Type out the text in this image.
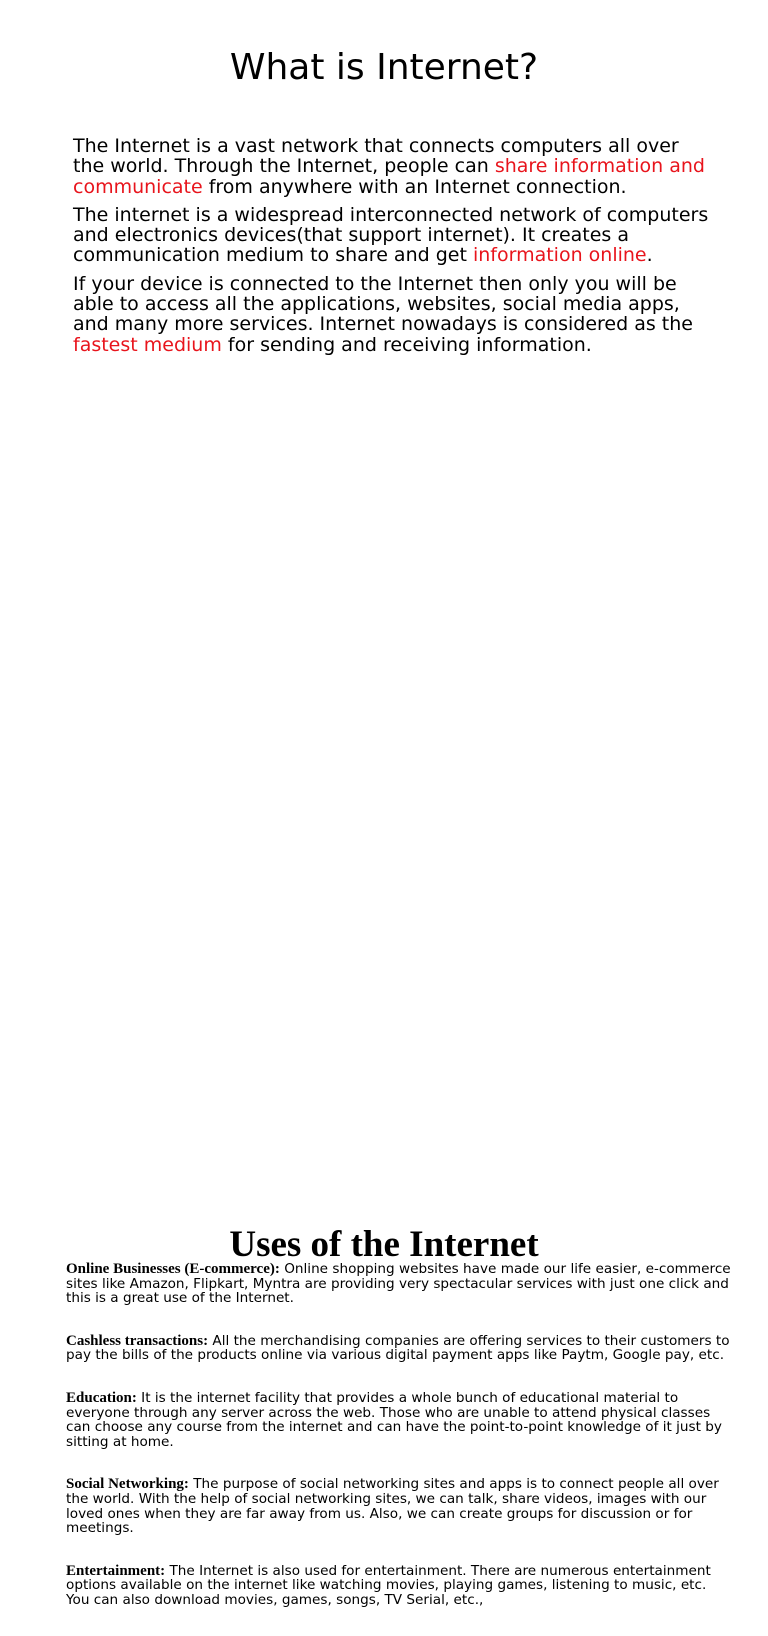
What is Internet?

The Internet is a vast network that connects computers all over the world. Through the Internet, people can share information and communicate from anywhere with an Internet connection.

The internet is a widespread interconnected network of computers and electronics devices(that support internet). It creates a communication medium to share and get information online.

If your device is connected to the Internet then only you will be able to access all the applications, websites, social media apps, and many more services. Internet nowadays is considered as the fastest medium for sending and receiving information.

Uses of the Internet

Online Businesses (E-commerce): Online shopping websites have made our life easier, e-commerce sites like Amazon, Flipkart, Myntra are providing very spectacular services with just one click and this is a great use of the Internet.

Cashless transactions: All the merchandising companies are offering services to their customers to pay the bills of the products online via various digital payment apps like Paytm, Google pay, etc.

Education: It is the internet facility that provides a whole bunch of educational material to everyone through any server across the web. Those who are unable to attend physical classes can choose any course from the internet and can have the point-to-point knowledge of it just by sitting at home.

Social Networking: The purpose of social networking sites and apps is to connect people all over the world. With the help of social networking sites, we can talk, share videos, images with our loved ones when they are far away from us. Also, we can create groups for discussion or for meetings.

Entertainment: The Internet is also used for entertainment. There are numerous entertainment options available on the internet like watching movies, playing games, listening to music, etc. You can also download movies, games, songs, TV Serial, etc.,
